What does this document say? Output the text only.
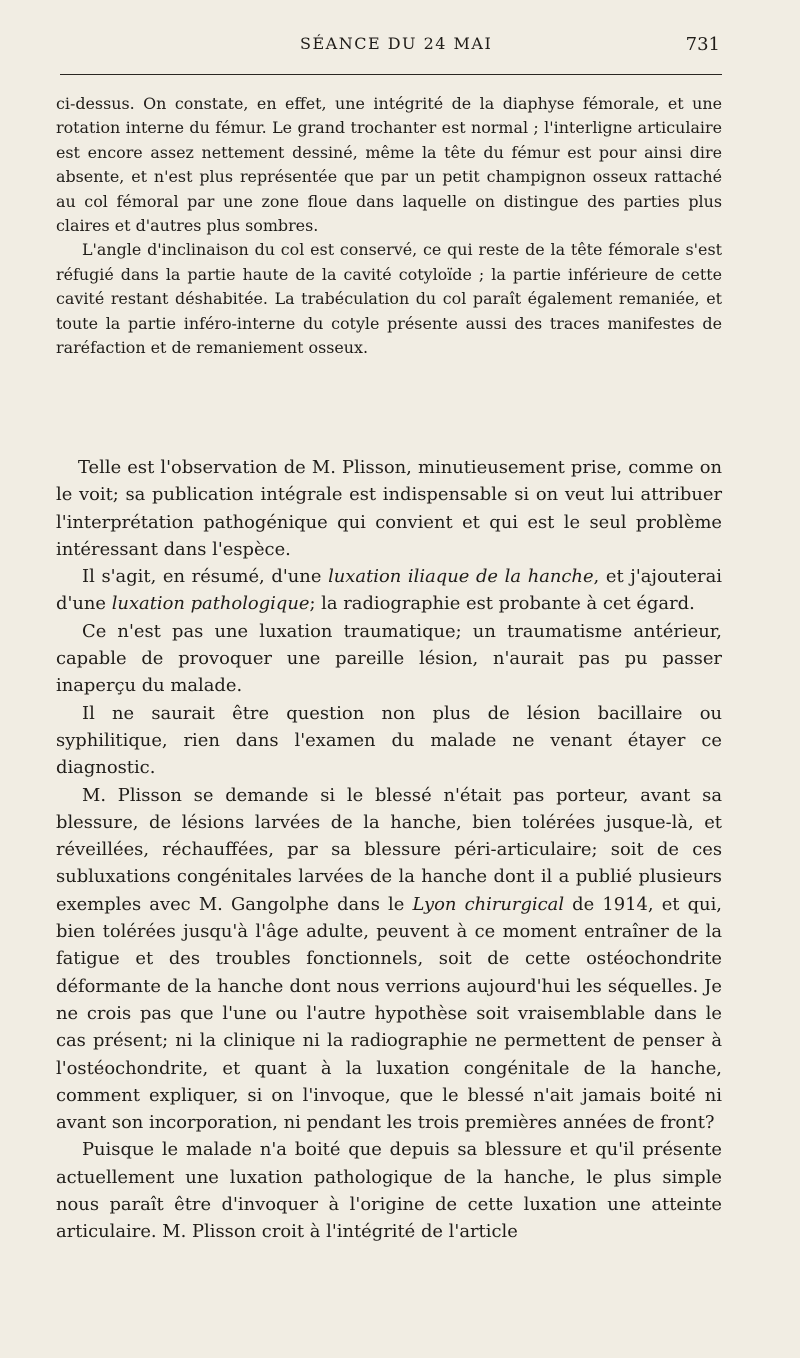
SÉANCE DU 24 MAI	731

ci-dessus. On constate, en effet, une intégrité de la diaphyse fémorale, et une rotation interne du fémur. Le grand trochanter est normal ; l'interligne articulaire est encore assez nettement dessiné, même la tête du fémur est pour ainsi dire absente, et n'est plus représentée que par un petit champignon osseux rattaché au col fémoral par une zone floue dans laquelle on distingue des parties plus claires et d'autres plus sombres.

L'angle d'inclinaison du col est conservé, ce qui reste de la tête fémorale s'est réfugié dans la partie haute de la cavité cotyloïde ; la partie inférieure de cette cavité restant déshabitée. La trabéculation du col paraît également remaniée, et toute la partie inféro-interne du cotyle présente aussi des traces manifestes de raréfaction et de remaniement osseux.

Telle est l'observation de M. Plisson, minutieusement prise, comme on le voit; sa publication intégrale est indispensable si on veut lui attribuer l'interprétation pathogénique qui convient et qui est le seul problème intéressant dans l'espèce.

Il s'agit, en résumé, d'une luxation iliaque de la hanche, et j'ajouterai d'une luxation pathologique; la radiographie est probante à cet égard.

Ce n'est pas une luxation traumatique; un traumatisme antérieur, capable de provoquer une pareille lésion, n'aurait pas pu passer inaperçu du malade.

Il ne saurait être question non plus de lésion bacillaire ou syphilitique, rien dans l'examen du malade ne venant étayer ce diagnostic.

M. Plisson se demande si le blessé n'était pas porteur, avant sa blessure, de lésions larvées de la hanche, bien tolérées jusque-là, et réveillées, réchauffées, par sa blessure péri-articulaire; soit de ces subluxations congénitales larvées de la hanche dont il a publié plusieurs exemples avec M. Gangolphe dans le Lyon chirurgical de 1914, et qui, bien tolérées jusqu'à l'âge adulte, peuvent à ce moment entraîner de la fatigue et des troubles fonctionnels, soit de cette ostéochondrite déformante de la hanche dont nous verrions aujourd'hui les séquelles. Je ne crois pas que l'une ou l'autre hypothèse soit vraisemblable dans le cas présent; ni la clinique ni la radiographie ne permettent de penser à l'ostéochondrite, et quant à la luxation congénitale de la hanche, comment expliquer, si on l'invoque, que le blessé n'ait jamais boité ni avant son incorporation, ni pendant les trois premières années de front?

Puisque le malade n'a boité que depuis sa blessure et qu'il présente actuellement une luxation pathologique de la hanche, le plus simple nous paraît être d'invoquer à l'origine de cette luxation une atteinte articulaire. M. Plisson croit à l'intégrité de l'article
